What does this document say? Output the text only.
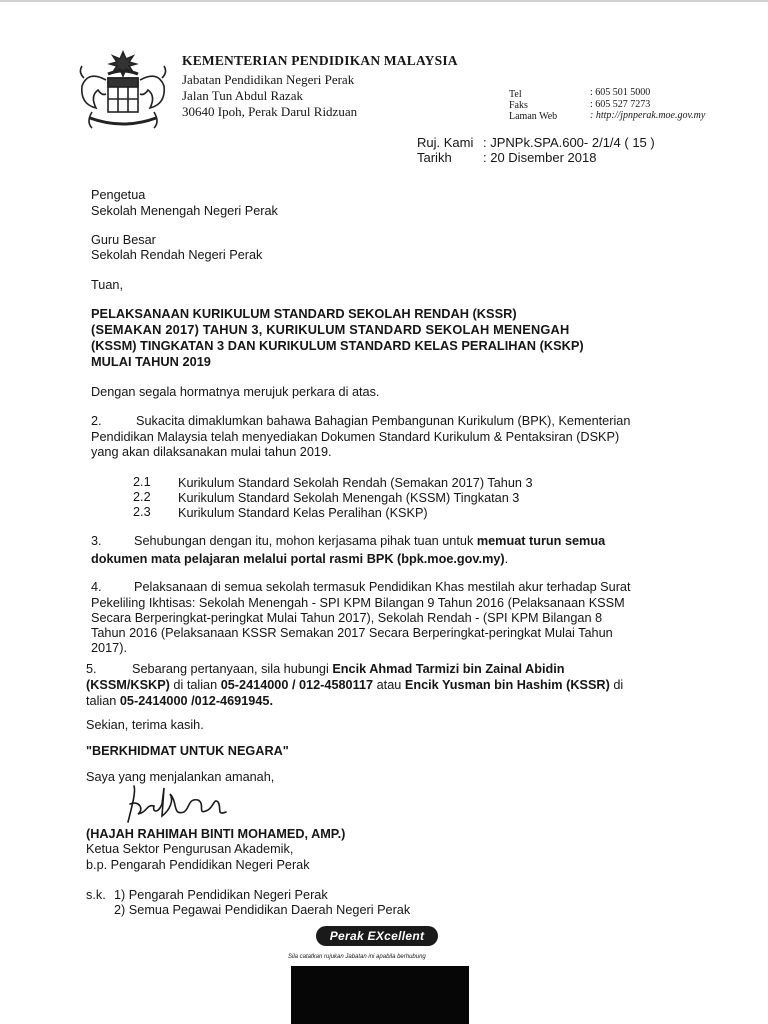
KEMENTERIAN PENDIDIKAN MALAYSIA
Jabatan Pendidikan Negeri Perak
Jalan Tun Abdul Razak
30640 Ipoh, Perak Darul Ridzuan
Tel	: 605 501 5000
Faks	: 605 527 7273
Laman Web	: http://jpnperak.moe.gov.my
Ruj. Kami : JPNPk.SPA.600- 2/1/4 ( 15 )
Tarikh : 20 Disember 2018
Pengetua
Sekolah Menengah Negeri Perak
Guru Besar
Sekolah Rendah Negeri Perak
Tuan,
PELAKSANAAN KURIKULUM STANDARD SEKOLAH RENDAH (KSSR)
(SEMAKAN 2017) TAHUN 3, KURIKULUM STANDARD SEKOLAH MENENGAH
(KSSM) TINGKATAN 3 DAN KURIKULUM STANDARD KELAS PERALIHAN (KSKP)
MULAI TAHUN 2019
Dengan segala hormatnya merujuk perkara di atas.
2.	Sukacita dimaklumkan bahawa Bahagian Pembangunan Kurikulum (BPK), Kementerian
Pendidikan Malaysia telah menyediakan Dokumen Standard Kurikulum & Pentaksiran (DSKP)
yang akan dilaksanakan mulai tahun 2019.
2.1 Kurikulum Standard Sekolah Rendah (Semakan 2017) Tahun 3
2.2 Kurikulum Standard Sekolah Menengah (KSSM) Tingkatan 3
2.3 Kurikulum Standard Kelas Peralihan (KSKP)
3.	Sehubungan dengan itu, mohon kerjasama pihak tuan untuk memuat turun semua
dokumen mata pelajaran melalui portal rasmi BPK (bpk.moe.gov.my).
4.	Pelaksanaan di semua sekolah termasuk Pendidikan Khas mestilah akur terhadap Surat
Pekeliling Ikhtisas: Sekolah Menengah - SPI KPM Bilangan 9 Tahun 2016 (Pelaksanaan KSSM
Secara Berperingkat-peringkat Mulai Tahun 2017), Sekolah Rendah - (SPI KPM Bilangan 8
Tahun 2016 (Pelaksanaan KSSR Semakan 2017 Secara Berperingkat-peringkat Mulai Tahun
2017).
5.	Sebarang pertanyaan, sila hubungi Encik Ahmad Tarmizi bin Zainal Abidin
(KSSM/KSKP) di talian 05-2414000 / 012-4580117 atau Encik Yusman bin Hashim (KSSR) di
talian 05-2414000 /012-4691945.
Sekian, terima kasih.
"BERKHIDMAT UNTUK NEGARA"
Saya yang menjalankan amanah,
(HAJAH RAHIMAH BINTI MOHAMED, AMP.)
Ketua Sektor Pengurusan Akademik,
b.p. Pengarah Pendidikan Negeri Perak
s.k. 1) Pengarah Pendidikan Negeri Perak
2) Semua Pegawai Pendidikan Daerah Negeri Perak
Perak EXcellent
Sila catatkan rujukan Jabatan ini apabila berhubung
